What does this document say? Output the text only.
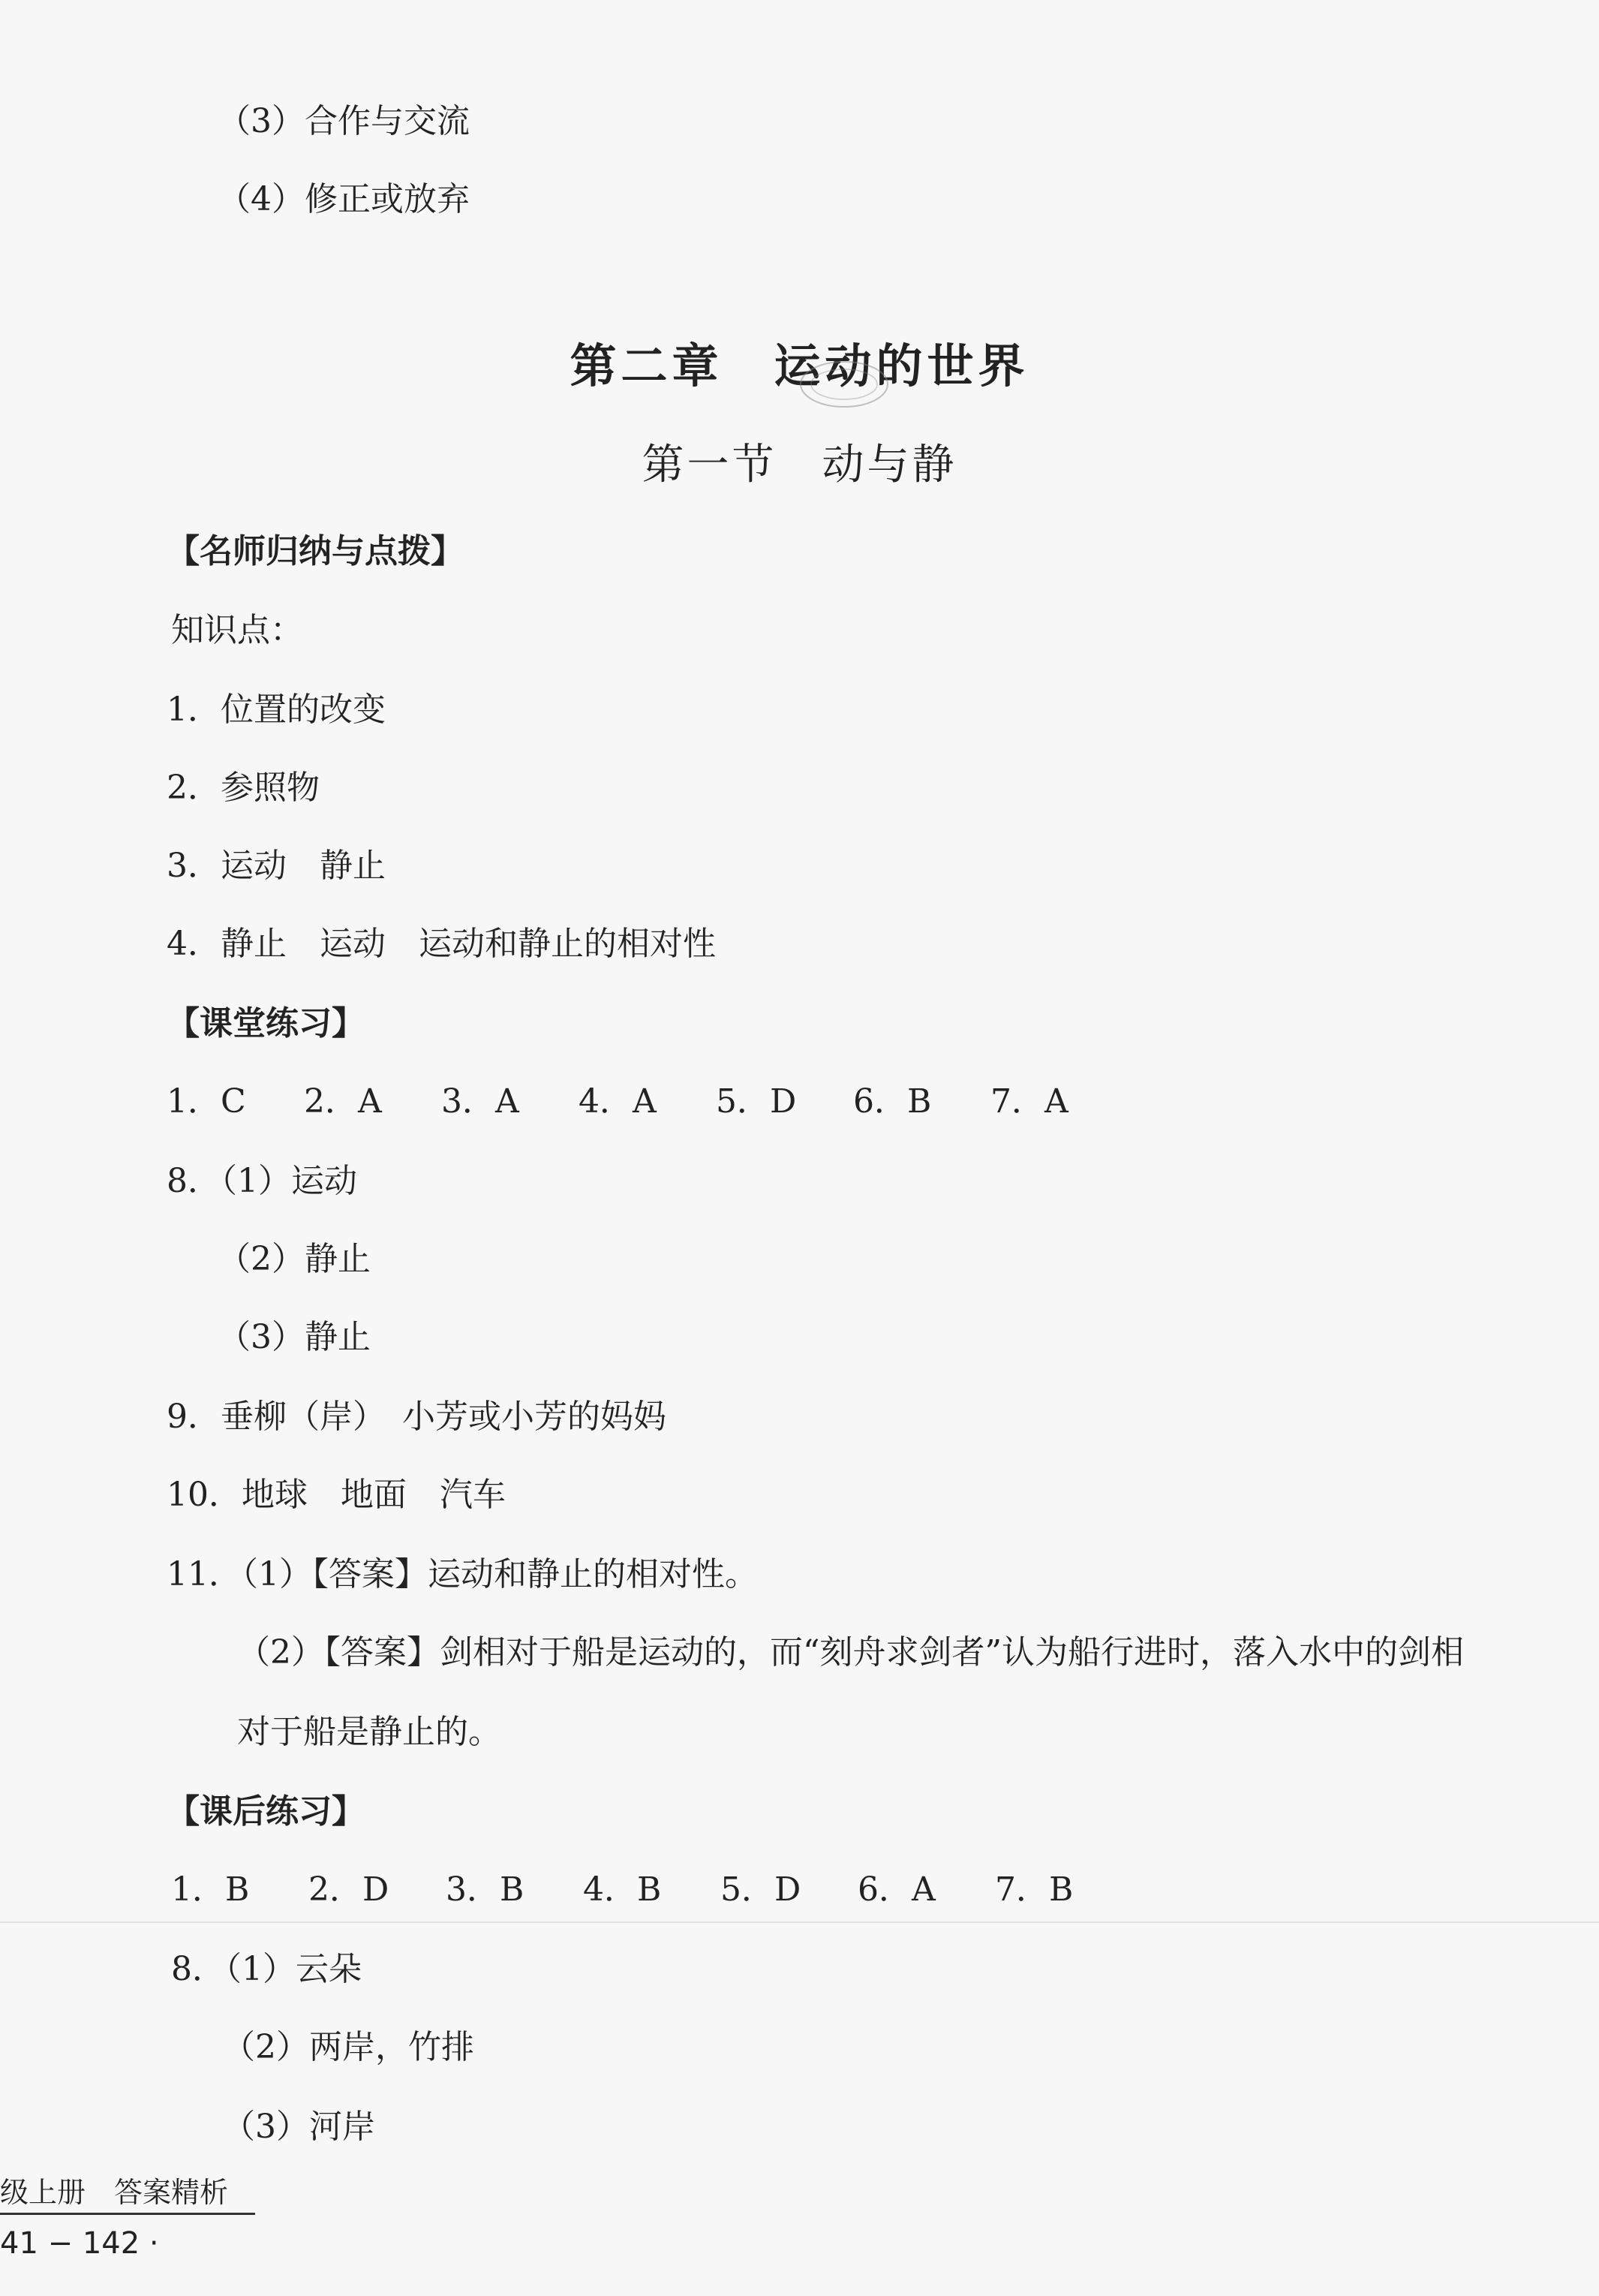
（3）合作与交流
（4）修正或放弃
第二章　运动的世界
第一节　动与静
【名师归纳与点拨】
知识点：
1．位置的改变
2．参照物
3．运动　静止
4．静止　运动　运动和静止的相对性
【课堂练习】
1．C	2．A	3．A	4．A	5．D	6．B	7．A
8．（1）运动
（2）静止
（3）静止
9．垂柳（岸）　小芳或小芳的妈妈
10．地球　地面　汽车
11．（1）【答案】运动和静止的相对性。
（2）【答案】剑相对于船是运动的，而“刻舟求剑者”认为船行进时，落入水中的剑相
对于船是静止的。
【课后练习】
1．B	2．D	3．B	4．B	5．D	6．A	7．B
8．（1）云朵
（2）两岸，竹排
（3）河岸
级上册　答案精析
41 − 142 ·
